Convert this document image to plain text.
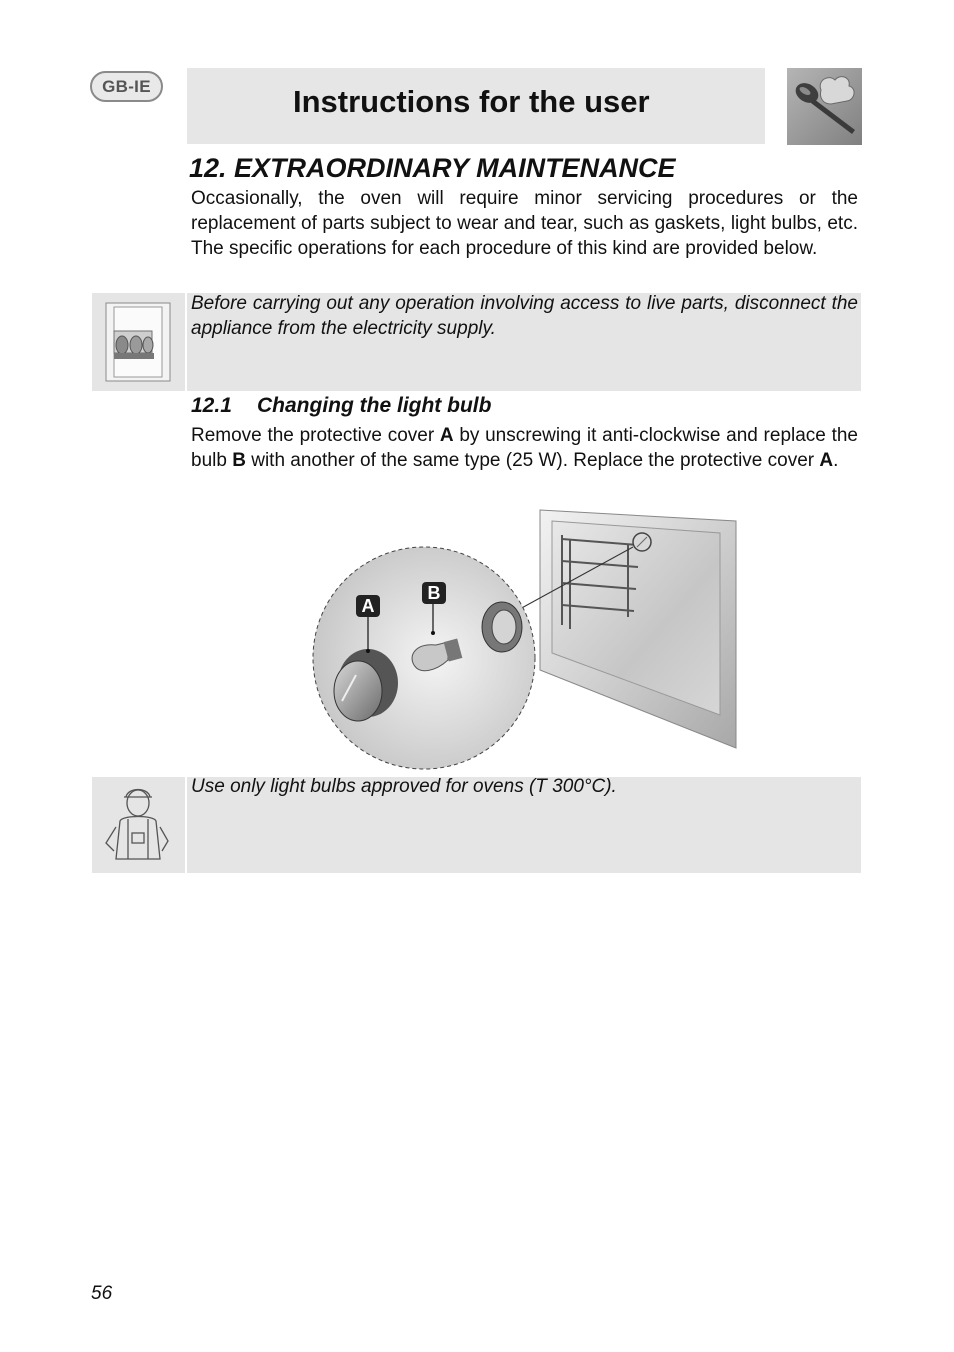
GB-IE	Instructions for the user
12. EXTRAORDINARY MAINTENANCE
Occasionally, the oven will require minor servicing procedures or the replacement of parts subject to wear and tear, such as gaskets, light bulbs, etc. The specific operations for each procedure of this kind are provided below.
Before carrying out any operation involving access to live parts, disconnect the appliance from the electricity supply.
12.1 Changing the light bulb
Remove the protective cover A by unscrewing it anti-clockwise and replace the bulb B with another of the same type (25 W). Replace the protective cover A.
A
B
Use only light bulbs approved for ovens (T 300°C).
56
